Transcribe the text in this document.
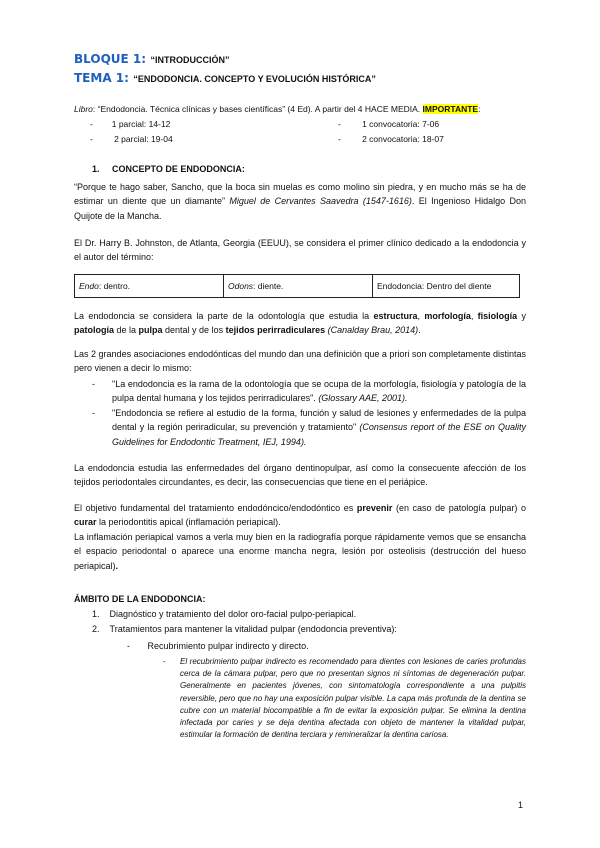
BLOQUE 1: “INTRODUCCIÓN”
TEMA 1: “ENDODONCIA. CONCEPTO Y EVOLUCIÓN HISTÓRICA”
Libro: “Endodoncia. Técnica clínicas y bases científicas” (4 Ed). A partir del 4 HACE MEDIA. IMPORTANTE:
-        1 parcial: 14-12
-         2 parcial: 19-04
-         1 convocatoria: 7-06
-         2 convocatoria: 18-07
1. CONCEPTO DE ENDODONCIA:
“Porque te hago saber, Sancho, que la boca sin muelas es como molino sin piedra, y en mucho más se ha de estimar un diente que un diamante” Miguel de Cervantes Saavedra (1547-1616). El Ingenioso Hidalgo Don Quijote de la Mancha.
El Dr. Harry B. Johnston, de Atlanta, Georgia (EEUU), se considera el primer clínico dedicado a la endodoncia y el autor del término:
Endo: dentro.	Odons: diente.	Endodoncia: Dentro del diente
La endodoncia se considera la parte de la odontología que estudia la estructura, morfología, fisiología y patología de la pulpa dental y de los tejidos perirradiculares (Canalday Brau, 2014).
Las 2 grandes asociaciones endodónticas del mundo dan una definición que a priori son completamente distintas pero vienen a decir lo mismo:
- "La endodoncia es la rama de la odontología que se ocupa de la morfología, fisiología y patología de la pulpa dental humana y los tejidos perirradiculares". (Glossary AAE, 2001).
- "Endodoncia se refiere al estudio de la forma, función y salud de lesiones y enfermedades de la pulpa dental y la región periradicular, su prevención y tratamiento" (Consensus report of the ESE on Quality Guidelines for Endodontic Treatment, IEJ, 1994).
La endodoncia estudia las enfermedades del órgano dentinopulpar, así como la consecuente afección de los tejidos periodontales circundantes, es decir, las consecuencias que tiene en el periápice.
El objetivo fundamental del tratamiento endodóncico/endodóntico es prevenir (en caso de patología pulpar) o curar la periodontitis apical (inflamación periapical).
La inflamación periapical vamos a verla muy bien en la radiografía porque rápidamente vemos que se ensancha el espacio periodontal o aparece una enorme mancha negra, lesión por osteolisis (destrucción del hueso periapical).
ÁMBITO DE LA ENDODONCIA:
1. Diagnóstico y tratamiento del dolor oro-facial pulpo-periapical.
2. Tratamientos para mantener la vitalidad pulpar (endodoncia preventiva):
-       Recubrimiento pulpar indirecto y directo.
- El recubrimiento pulpar indirecto es recomendado para dientes con lesiones de caries profundas cerca de la cámara pulpar, pero que no presentan signos ni síntomas de degeneración pulpar. Generalmente en pacientes jóvenes, con sintomatología correspondiente a una pulpitis reversible, pero que no hay una exposición pulpar visible. La capa más profunda de la dentina se cubre con un material biocompatible a fin de evitar la exposición pulpar. Se elimina la dentina infectada por caries y se deja dentina afectada con objeto de mantener la vitalidad pulpar, estimular la formación de dentina terciara y remineralizar la dentina cariosa.
1
